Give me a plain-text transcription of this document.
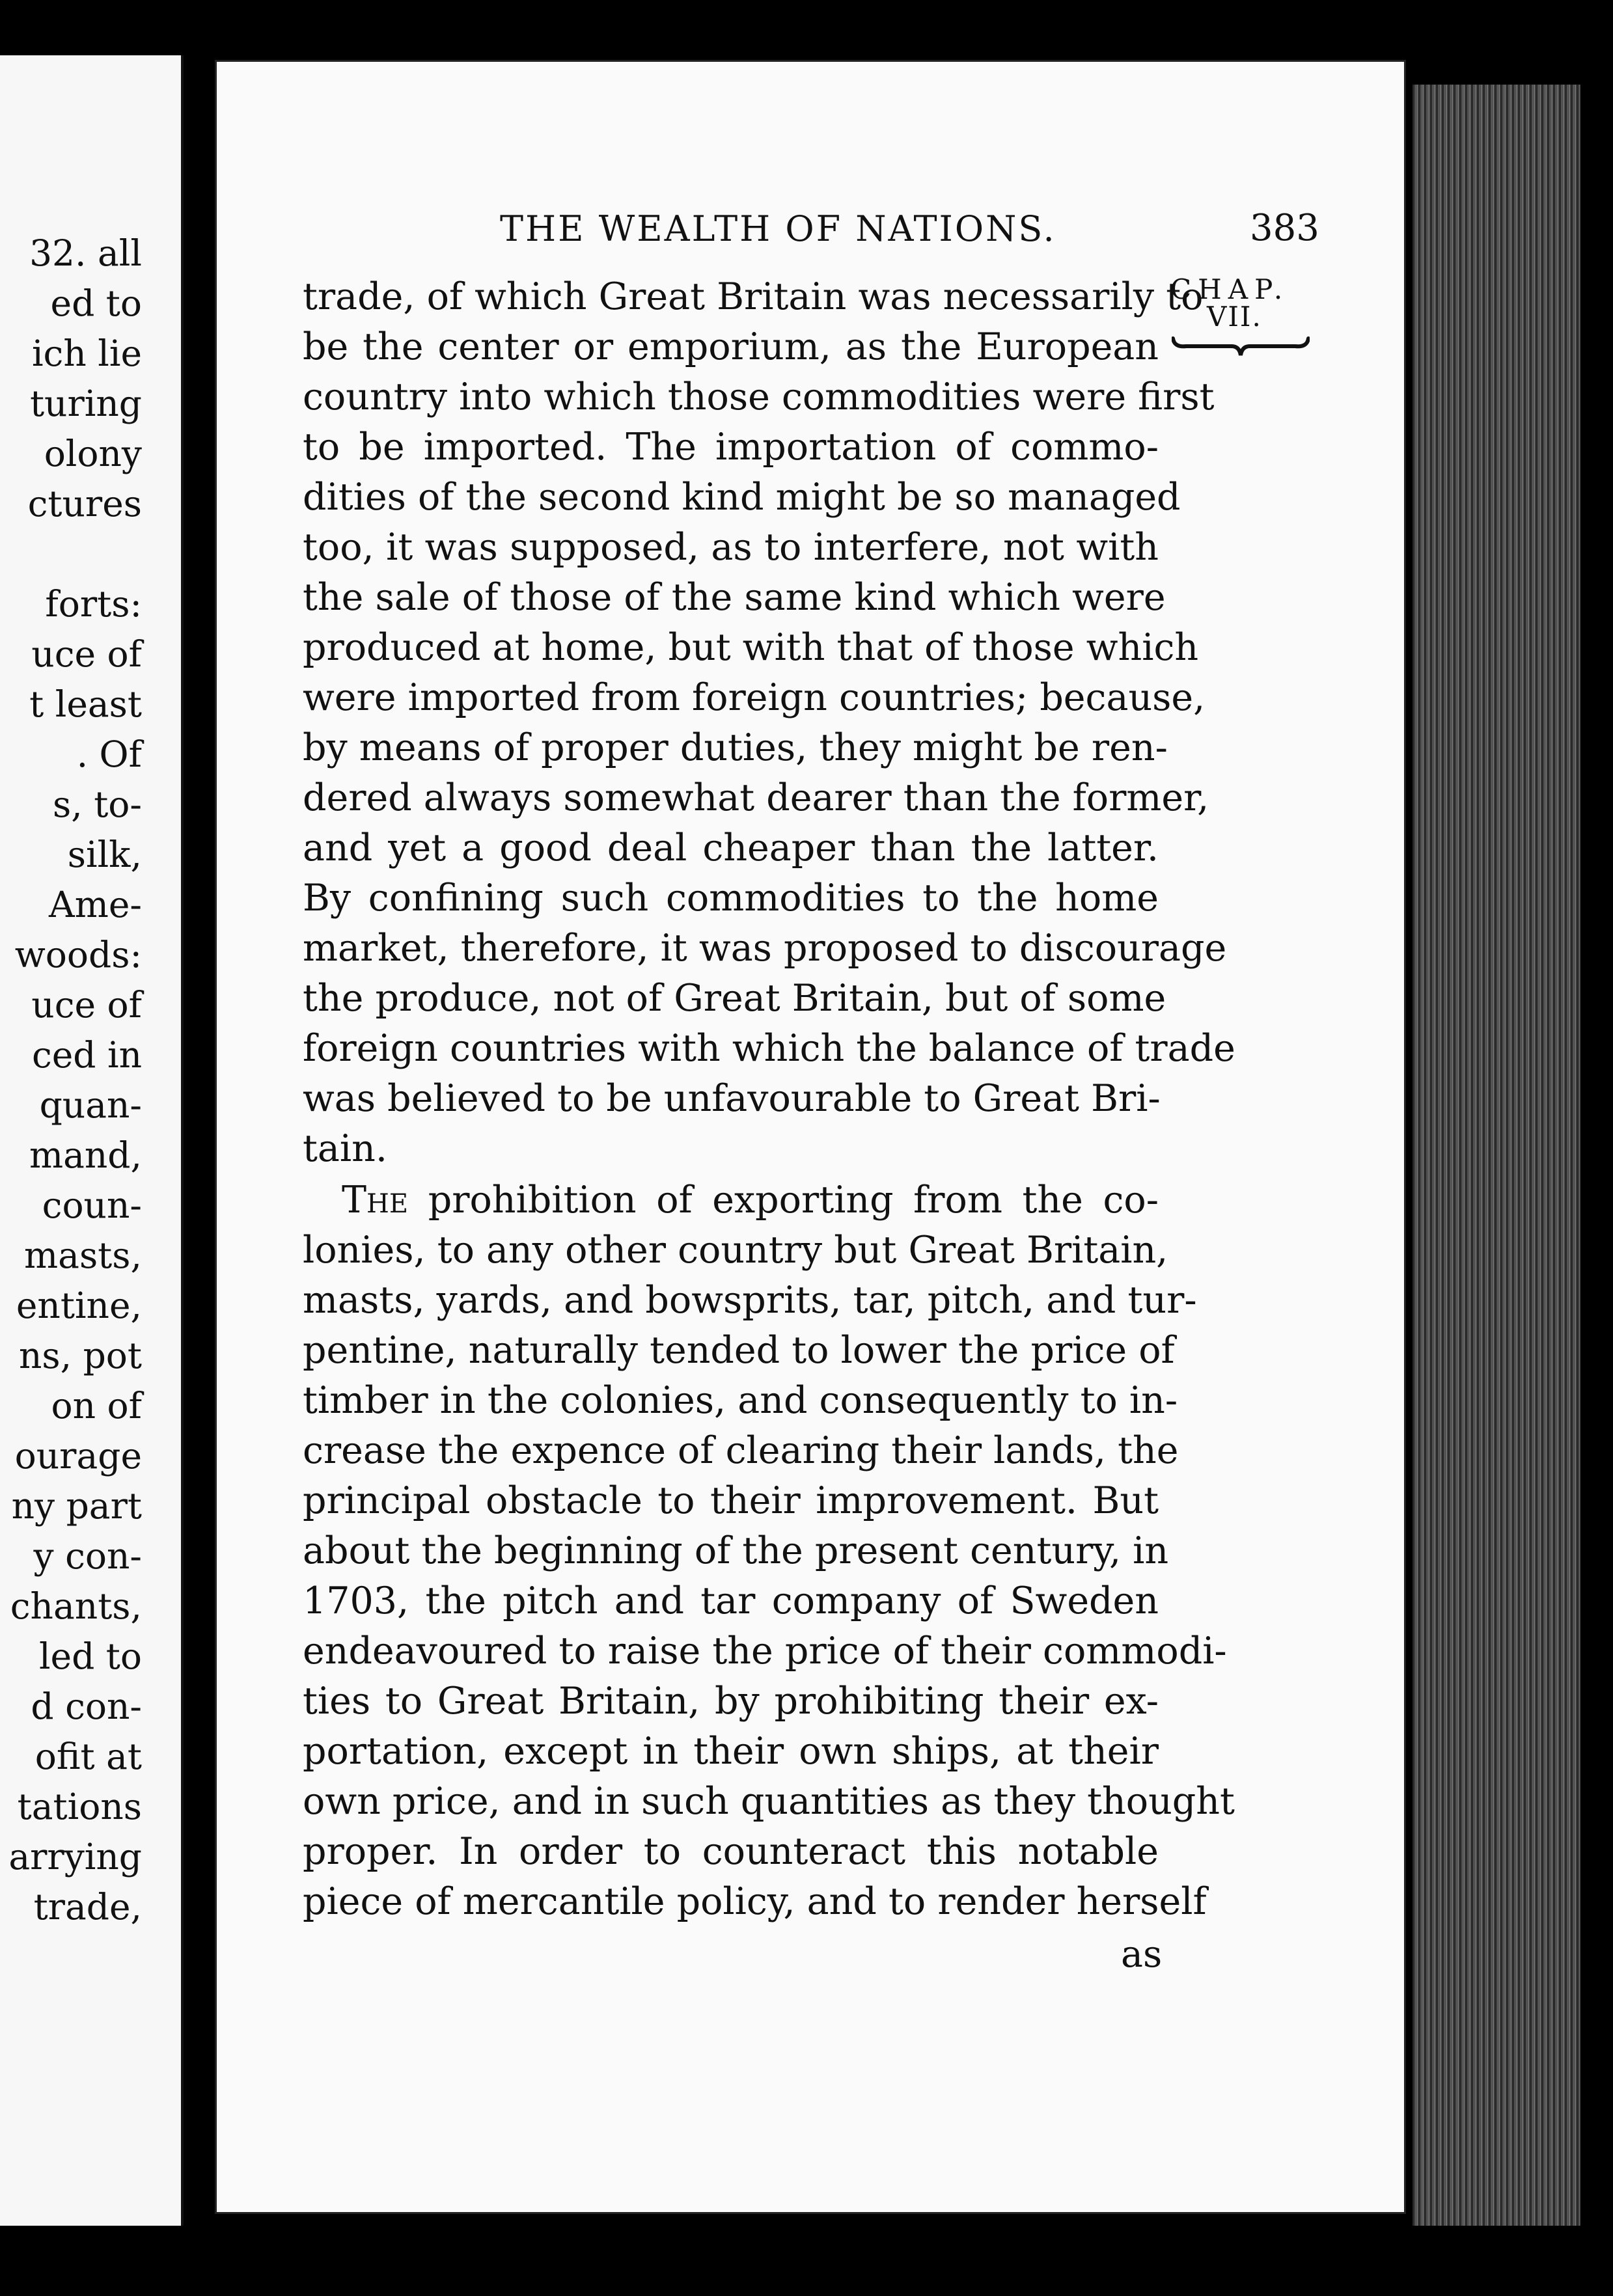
32. all
ed to
ich lie
turing
olony
ctures
forts:
uce of
t least
. Of
s, to-
silk,
Ame-
woods:
uce of
ced in
quan-
mand,
coun-
masts,
entine,
ns, pot
on of
ourage
ny part
y con-
chants,
led to
d con-
ofit at
tations
arrying
trade,
THE WEALTH OF NATIONS.	383
CHAP.
VII.
trade, of which Great Britain was necessarily to
be the center or emporium, as the European
country into which those commodities were first
to be imported. The importation of commo-
dities of the second kind might be so managed
too, it was supposed, as to interfere, not with
the sale of those of the same kind which were
produced at home, but with that of those which
were imported from foreign countries; because,
by means of proper duties, they might be ren-
dered always somewhat dearer than the former,
and yet a good deal cheaper than the latter.
By confining such commodities to the home
market, therefore, it was proposed to discourage
the produce, not of Great Britain, but of some
foreign countries with which the balance of trade
was believed to be unfavourable to Great Bri-
tain.
The prohibition of exporting from the co-
lonies, to any other country but Great Britain,
masts, yards, and bowsprits, tar, pitch, and tur-
pentine, naturally tended to lower the price of
timber in the colonies, and consequently to in-
crease the expence of clearing their lands, the
principal obstacle to their improvement. But
about the beginning of the present century, in
1703, the pitch and tar company of Sweden
endeavoured to raise the price of their commodi-
ties to Great Britain, by prohibiting their ex-
portation, except in their own ships, at their
own price, and in such quantities as they thought
proper. In order to counteract this notable
piece of mercantile policy, and to render herself
as
